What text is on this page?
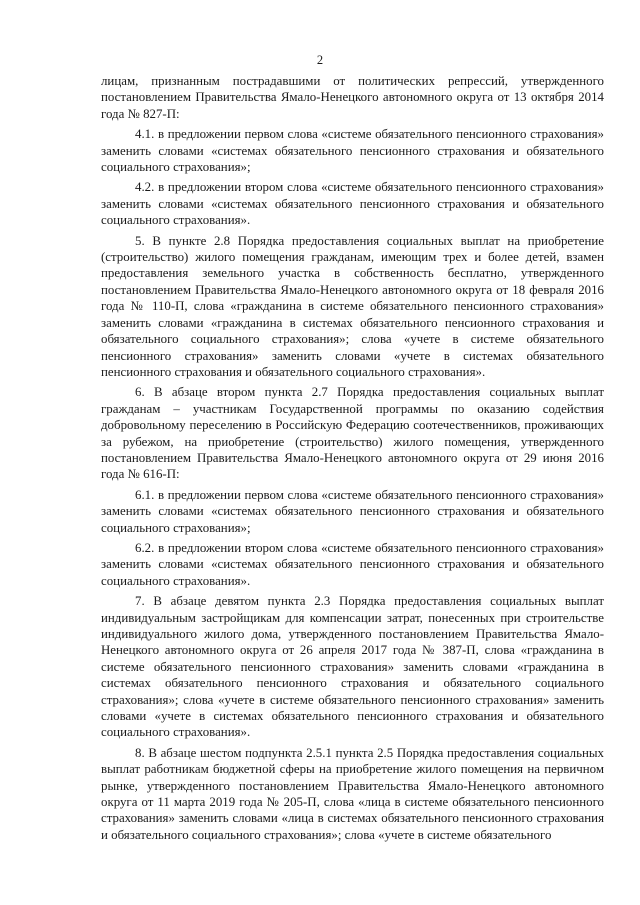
2

лицам, признанным пострадавшими от политических репрессий, утвержденного постановлением Правительства Ямало-Ненецкого автономного округа от 13 октября 2014 года № 827-П:

4.1. в предложении первом слова «системе обязательного пенсионного страхования» заменить словами «системах обязательного пенсионного страхования и обязательного социального страхования»;

4.2. в предложении втором слова «системе обязательного пенсионного страхования» заменить словами «системах обязательного пенсионного страхования и обязательного социального страхования».

5. В пункте 2.8 Порядка предоставления социальных выплат на приобретение (строительство) жилого помещения гражданам, имеющим трех и более детей, взамен предоставления земельного участка в собственность бесплатно, утвержденного постановлением Правительства Ямало-Ненецкого автономного округа от 18 февраля 2016 года № 110-П, слова «гражданина в системе обязательного пенсионного страхования» заменить словами «гражданина в системах обязательного пенсионного страхования и обязательного социального страхования»; слова «учете в системе обязательного пенсионного страхования» заменить словами «учете в системах обязательного пенсионного страхования и обязательного социального страхования».

6. В абзаце втором пункта 2.7 Порядка предоставления социальных выплат гражданам – участникам Государственной программы по оказанию содействия добровольному переселению в Российскую Федерацию соотечественников, проживающих за рубежом, на приобретение (строительство) жилого помещения, утвержденного постановлением Правительства Ямало-Ненецкого автономного округа от 29 июня 2016 года № 616-П:

6.1. в предложении первом слова «системе обязательного пенсионного страхования» заменить словами «системах обязательного пенсионного страхования и обязательного социального страхования»;

6.2. в предложении втором слова «системе обязательного пенсионного страхования» заменить словами «системах обязательного пенсионного страхования и обязательного социального страхования».

7. В абзаце девятом пункта 2.3 Порядка предоставления социальных выплат индивидуальным застройщикам для компенсации затрат, понесенных при строительстве индивидуального жилого дома, утвержденного постановлением Правительства Ямало-Ненецкого автономного округа от 26 апреля 2017 года № 387-П, слова «гражданина в системе обязательного пенсионного страхования» заменить словами «гражданина в системах обязательного пенсионного страхования и обязательного социального страхования»; слова «учете в системе обязательного пенсионного страхования» заменить словами «учете в системах обязательного пенсионного страхования и обязательного социального страхования».

8. В абзаце шестом подпункта 2.5.1 пункта 2.5 Порядка предоставления социальных выплат работникам бюджетной сферы на приобретение жилого помещения на первичном рынке, утвержденного постановлением Правительства Ямало-Ненецкого автономного округа от 11 марта 2019 года № 205-П, слова «лица в системе обязательного пенсионного страхования» заменить словами «лица в системах обязательного пенсионного страхования и обязательного социального страхования»; слова «учете в системе обязательного
